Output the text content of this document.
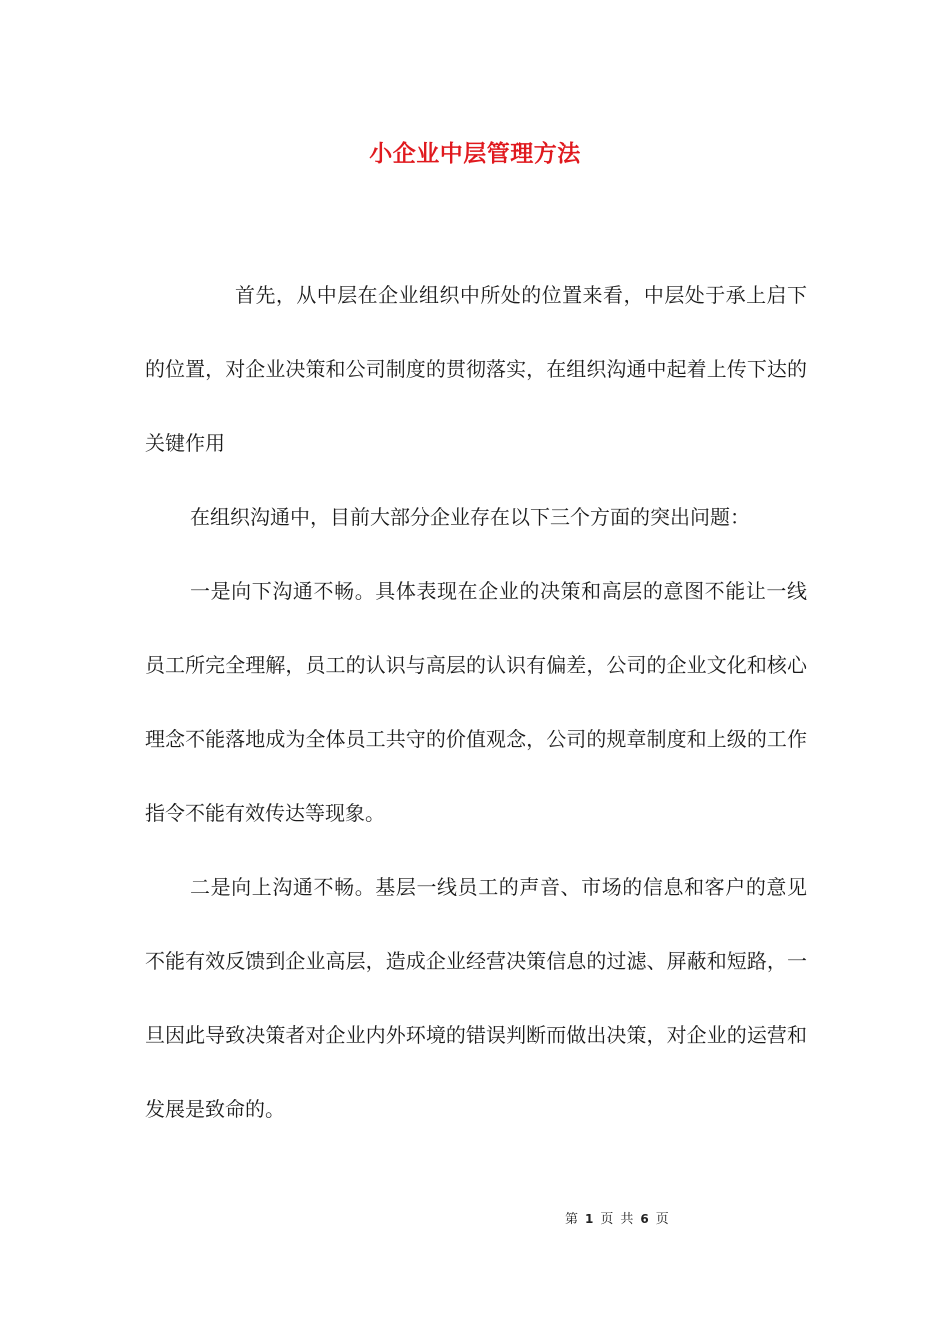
小企业中层管理方法

首先，从中层在企业组织中所处的位置来看，中层处于承上启下的位置，对企业决策和公司制度的贯彻落实，在组织沟通中起着上传下达的关键作用

在组织沟通中，目前大部分企业存在以下三个方面的突出问题：

一是向下沟通不畅。具体表现在企业的决策和高层的意图不能让一线员工所完全理解，员工的认识与高层的认识有偏差，公司的企业文化和核心理念不能落地成为全体员工共守的价值观念，公司的规章制度和上级的工作指令不能有效传达等现象。

二是向上沟通不畅。基层一线员工的声音、市场的信息和客户的意见不能有效反馈到企业高层，造成企业经营决策信息的过滤、屏蔽和短路，一旦因此导致决策者对企业内外环境的错误判断而做出决策，对企业的运营和发展是致命的。

第 1 页 共 6 页
